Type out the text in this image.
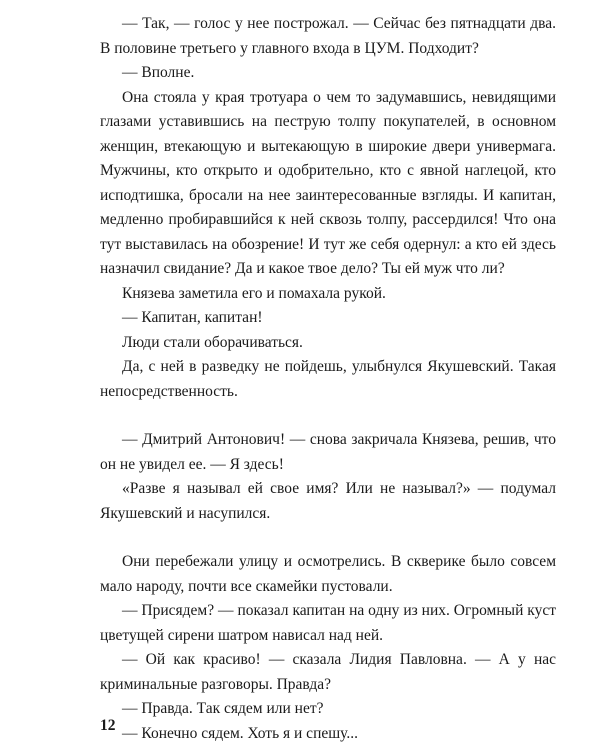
— Так, — голос у нее построжал. — Сейчас без пятнадцати два. В половине третьего у главного входа в ЦУМ. Подходит?

— Вполне.

Она стояла у края тротуара о чем то задумавшись, невидящими глазами уставившись на пеструю толпу покупателей, в основном женщин, втекающую и вытекающую в широкие двери универмага. Мужчины, кто открыто и одобрительно, кто с явной наглецой, кто исподтишка, бросали на нее заинтересованные взгляды. И капитан, медленно пробиравшийся к ней сквозь толпу, рассердился! Что она тут выставилась на обозрение! И тут же себя одернул: а кто ей здесь назначил свидание? Да и какое твое дело? Ты ей муж что ли?

Князева заметила его и помахала рукой.

— Капитан, капитан!

Люди стали оборачиваться.

Да, с ней в разведку не пойдешь, улыбнулся Якушевский. Такая непосредственность.

— Дмитрий Антонович! — снова закричала Князева, решив, что он не увидел ее. — Я здесь!

«Разве я называл ей свое имя? Или не называл?» — подумал Якушевский и насупился.

Они перебежали улицу и осмотрелись. В скверике было совсем мало народу, почти все скамейки пустовали.

— Присядем? — показал капитан на одну из них. Огромный куст цветущей сирени шатром нависал над ней.

— Ой как красиво! — сказала Лидия Павловна. — А у нас криминальные разговоры. Правда?

— Правда. Так сядем или нет?

— Конечно сядем. Хоть я и спешу...

12
